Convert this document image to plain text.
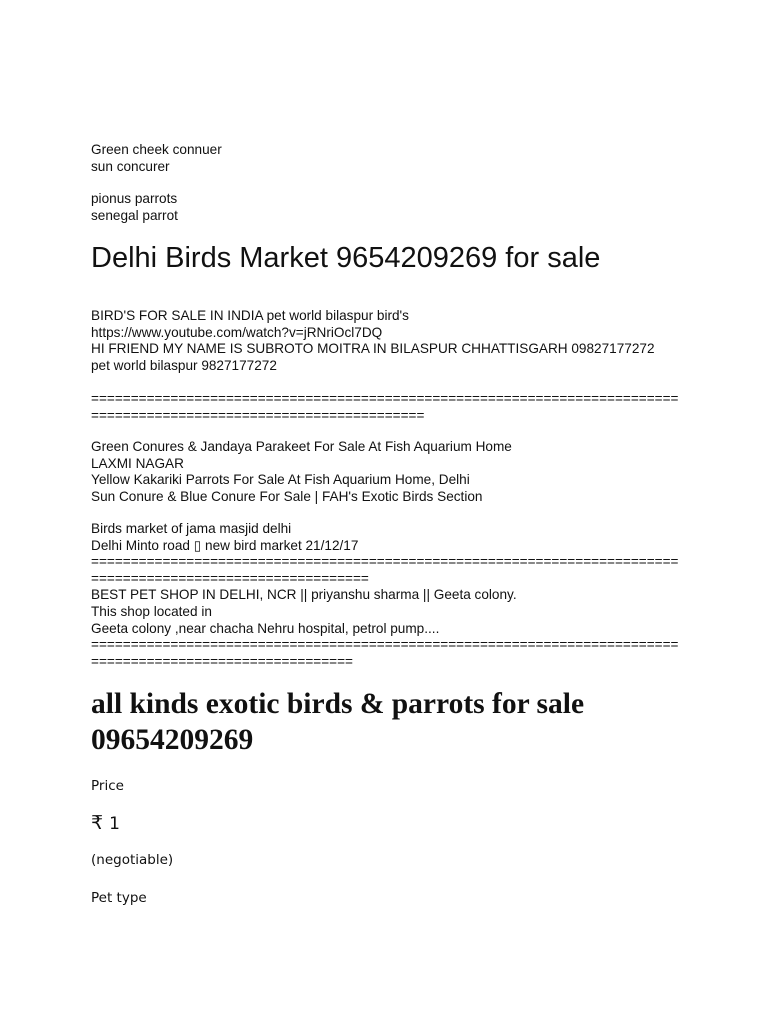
Green cheek connuer
sun concurer
pionus parrots
senegal parrot
Delhi Birds Market 9654209269 for sale
BIRD'S FOR SALE IN INDIA pet world bilaspur bird's
https://www.youtube.com/watch?v=jRNriOcl7DQ
HI FRIEND MY NAME IS SUBROTO MOITRA IN BILASPUR CHHATTISGARH 09827177272
pet world bilaspur 9827177272
==========================================================================
==========================================
Green Conures & Jandaya Parakeet For Sale At Fish Aquarium Home
LAXMI NAGAR
Yellow Kakariki Parrots For Sale At Fish Aquarium Home, Delhi
Sun Conure & Blue Conure For Sale | FAH's Exotic Birds Section
Birds market of jama masjid delhi
Delhi Minto road ▯ new bird market 21/12/17
==========================================================================
===================================
BEST PET SHOP IN DELHI, NCR || priyanshu sharma || Geeta colony.
This shop located in
Geeta colony ,near chacha Nehru hospital, petrol pump....
==========================================================================
=================================
all kinds exotic birds & parrots for sale 09654209269
Price
₹ 1
(negotiable)
Pet type
